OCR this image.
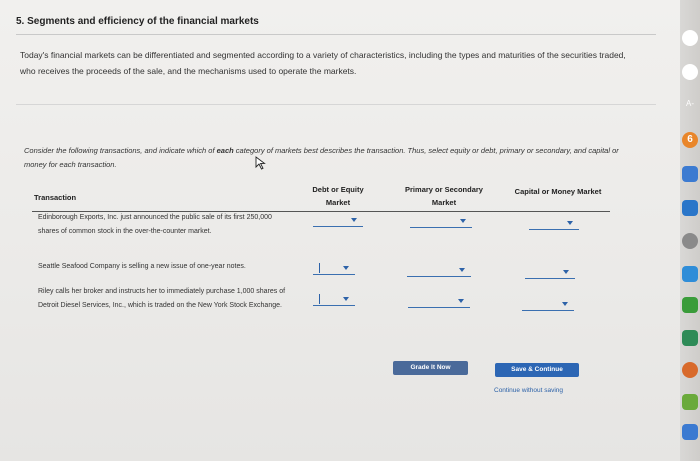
5. Segments and efficiency of the financial markets
Today's financial markets can be differentiated and segmented according to a variety of characteristics, including the types and maturities of the securities traded, who receives the proceeds of the sale, and the mechanisms used to operate the markets.
Consider the following transactions, and indicate which of each category of markets best describes the transaction. Thus, select equity or debt, primary or secondary, and capital or money for each transaction.
Transaction
Debt or Equity Market
Primary or Secondary Market
Capital or Money Market
Edinborough Exports, Inc. just announced the public sale of its first 250,000 shares of common stock in the over-the-counter market.
Seattle Seafood Company is selling a new issue of one-year notes.
Riley calls her broker and instructs her to immediately purchase 1,000 shares of Detroit Diesel Services, Inc., which is traded on the New York Stock Exchange.
Grade It Now	Save & Continue
Continue without saving
A-
6
